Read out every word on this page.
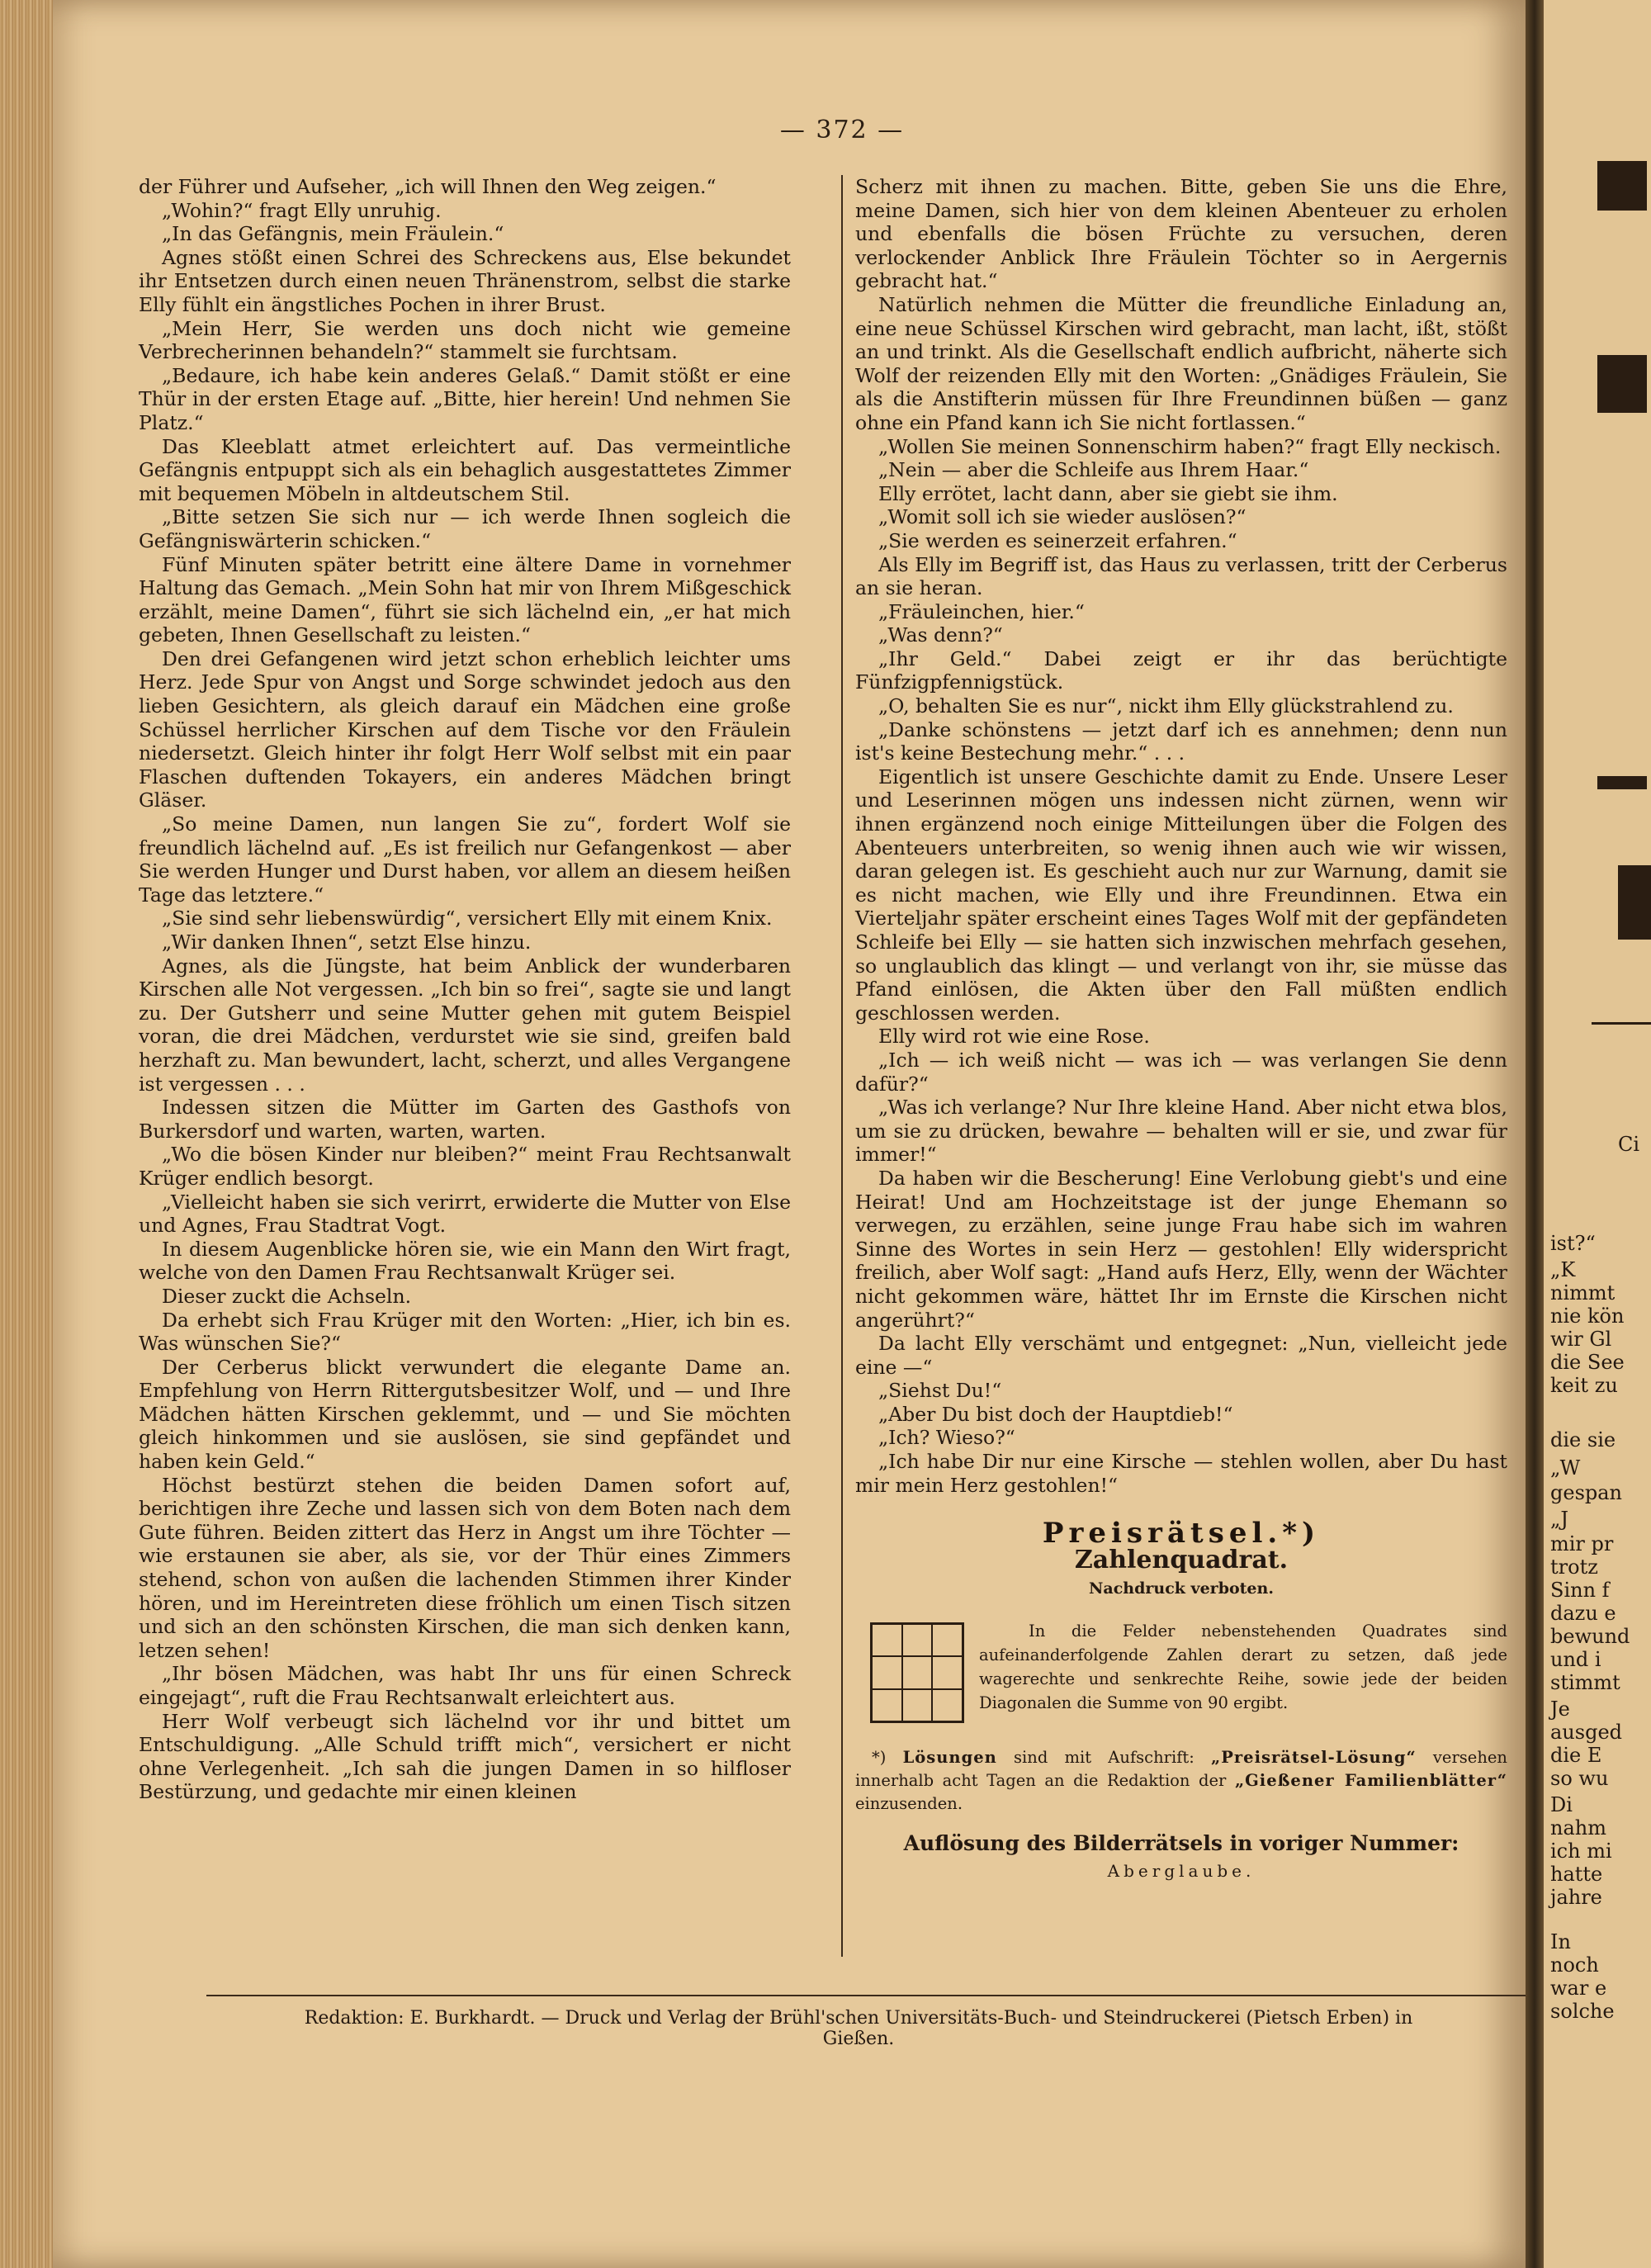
— 372 —

der Führer und Aufseher, „ich will Ihnen den Weg zeigen.“

„Wohin?“ fragt Elly unruhig.

„In das Gefängnis, mein Fräulein.“

Agnes stößt einen Schrei des Schreckens aus, Else bekundet ihr Entsetzen durch einen neuen Thränenstrom, selbst die starke Elly fühlt ein ängstliches Pochen in ihrer Brust.

„Mein Herr, Sie werden uns doch nicht wie gemeine Verbrecherinnen behandeln?“ stammelt sie furchtsam.

„Bedaure, ich habe kein anderes Gelaß.“ Damit stößt er eine Thür in der ersten Etage auf. „Bitte, hier herein! Und nehmen Sie Platz.“

Das Kleeblatt atmet erleichtert auf. Das vermeintliche Gefängnis entpuppt sich als ein behaglich ausgestattetes Zimmer mit bequemen Möbeln in altdeutschem Stil.

„Bitte setzen Sie sich nur — ich werde Ihnen sogleich die Gefängniswärterin schicken.“

Fünf Minuten später betritt eine ältere Dame in vornehmer Haltung das Gemach. „Mein Sohn hat mir von Ihrem Mißgeschick erzählt, meine Damen“, führt sie sich lächelnd ein, „er hat mich gebeten, Ihnen Gesellschaft zu leisten.“

Den drei Gefangenen wird jetzt schon erheblich leichter ums Herz. Jede Spur von Angst und Sorge schwindet jedoch aus den lieben Gesichtern, als gleich darauf ein Mädchen eine große Schüssel herrlicher Kirschen auf dem Tische vor den Fräulein niedersetzt. Gleich hinter ihr folgt Herr Wolf selbst mit ein paar Flaschen duftenden Tokayers, ein anderes Mädchen bringt Gläser.

„So meine Damen, nun langen Sie zu“, fordert Wolf sie freundlich lächelnd auf. „Es ist freilich nur Gefangenkost — aber Sie werden Hunger und Durst haben, vor allem an diesem heißen Tage das letztere.“

„Sie sind sehr liebenswürdig“, versichert Elly mit einem Knix.

„Wir danken Ihnen“, setzt Else hinzu.

Agnes, als die Jüngste, hat beim Anblick der wunderbaren Kirschen alle Not vergessen. „Ich bin so frei“, sagte sie und langt zu. Der Gutsherr und seine Mutter gehen mit gutem Beispiel voran, die drei Mädchen, verdurstet wie sie sind, greifen bald herzhaft zu. Man bewundert, lacht, scherzt, und alles Vergangene ist vergessen . . .

Indessen sitzen die Mütter im Garten des Gasthofs von Burkersdorf und warten, warten, warten.

„Wo die bösen Kinder nur bleiben?“ meint Frau Rechtsanwalt Krüger endlich besorgt.

„Vielleicht haben sie sich verirrt, erwiderte die Mutter von Else und Agnes, Frau Stadtrat Vogt.

In diesem Augenblicke hören sie, wie ein Mann den Wirt fragt, welche von den Damen Frau Rechtsanwalt Krüger sei.

Dieser zuckt die Achseln.

Da erhebt sich Frau Krüger mit den Worten: „Hier, ich bin es. Was wünschen Sie?“

Der Cerberus blickt verwundert die elegante Dame an. Empfehlung von Herrn Rittergutsbesitzer Wolf, und — und Ihre Mädchen hätten Kirschen geklemmt, und — und Sie möchten gleich hinkommen und sie auslösen, sie sind gepfändet und haben kein Geld.“

Höchst bestürzt stehen die beiden Damen sofort auf, berichtigen ihre Zeche und lassen sich von dem Boten nach dem Gute führen. Beiden zittert das Herz in Angst um ihre Töchter — wie erstaunen sie aber, als sie, vor der Thür eines Zimmers stehend, schon von außen die lachenden Stimmen ihrer Kinder hören, und im Hereintreten diese fröhlich um einen Tisch sitzen und sich an den schönsten Kirschen, die man sich denken kann, letzen sehen!

„Ihr bösen Mädchen, was habt Ihr uns für einen Schreck eingejagt“, ruft die Frau Rechtsanwalt erleichtert aus.

Herr Wolf verbeugt sich lächelnd vor ihr und bittet um Entschuldigung. „Alle Schuld trifft mich“, versichert er nicht ohne Verlegenheit. „Ich sah die jungen Damen in so hilfloser Bestürzung, und gedachte mir einen kleinen

Scherz mit ihnen zu machen. Bitte, geben Sie uns die Ehre, meine Damen, sich hier von dem kleinen Abenteuer zu erholen und ebenfalls die bösen Früchte zu versuchen, deren verlockender Anblick Ihre Fräulein Töchter so in Aergernis gebracht hat.“

Natürlich nehmen die Mütter die freundliche Einladung an, eine neue Schüssel Kirschen wird gebracht, man lacht, ißt, stößt an und trinkt. Als die Gesellschaft endlich aufbricht, näherte sich Wolf der reizenden Elly mit den Worten: „Gnädiges Fräulein, Sie als die Anstifterin müssen für Ihre Freundinnen büßen — ganz ohne ein Pfand kann ich Sie nicht fortlassen.“

„Wollen Sie meinen Sonnenschirm haben?“ fragt Elly neckisch.

„Nein — aber die Schleife aus Ihrem Haar.“

Elly errötet, lacht dann, aber sie giebt sie ihm.

„Womit soll ich sie wieder auslösen?“

„Sie werden es seinerzeit erfahren.“

Als Elly im Begriff ist, das Haus zu verlassen, tritt der Cerberus an sie heran.

„Fräuleinchen, hier.“

„Was denn?“

„Ihr Geld.“ Dabei zeigt er ihr das berüchtigte Fünfzigpfennigstück.

„O, behalten Sie es nur“, nickt ihm Elly glückstrahlend zu.

„Danke schönstens — jetzt darf ich es annehmen; denn nun ist's keine Bestechung mehr.“ . . .

Eigentlich ist unsere Geschichte damit zu Ende. Unsere Leser und Leserinnen mögen uns indessen nicht zürnen, wenn wir ihnen ergänzend noch einige Mitteilungen über die Folgen des Abenteuers unterbreiten, so wenig ihnen auch wie wir wissen, daran gelegen ist. Es geschieht auch nur zur Warnung, damit sie es nicht machen, wie Elly und ihre Freundinnen. Etwa ein Vierteljahr später erscheint eines Tages Wolf mit der gepfändeten Schleife bei Elly — sie hatten sich inzwischen mehrfach gesehen, so unglaublich das klingt — und verlangt von ihr, sie müsse das Pfand einlösen, die Akten über den Fall müßten endlich geschlossen werden.

Elly wird rot wie eine Rose.

„Ich — ich weiß nicht — was ich — was verlangen Sie denn dafür?“

„Was ich verlange? Nur Ihre kleine Hand. Aber nicht etwa blos, um sie zu drücken, bewahre — behalten will er sie, und zwar für immer!“

Da haben wir die Bescherung! Eine Verlobung giebt's und eine Heirat! Und am Hochzeitstage ist der junge Ehemann so verwegen, zu erzählen, seine junge Frau habe sich im wahren Sinne des Wortes in sein Herz — gestohlen! Elly widerspricht freilich, aber Wolf sagt: „Hand aufs Herz, Elly, wenn der Wächter nicht gekommen wäre, hättet Ihr im Ernste die Kirschen nicht angerührt?“

Da lacht Elly verschämt und entgegnet: „Nun, vielleicht jede eine —“

„Siehst Du!“

„Aber Du bist doch der Hauptdieb!“

„Ich? Wieso?“

„Ich habe Dir nur eine Kirsche — stehlen wollen, aber Du hast mir mein Herz gestohlen!“

Preisrätsel.*)
Zahlenquadrat.
Nachdruck verboten.
In die Felder nebenstehenden Quadrates sind aufeinanderfolgende Zahlen derart zu setzen, daß jede wagerechte und senkrechte Reihe, sowie jede der beiden Diagonalen die Summe von 90 ergibt.
*) Lösungen sind mit Aufschrift: „Preisrätsel-Lösung“ versehen innerhalb acht Tagen an die Redaktion der „Gießener Familienblätter“ einzusenden.
Auflösung des Bilderrätsels in voriger Nummer:
Aberglaube.
Redaktion: E. Burkhardt. — Druck und Verlag der Brühl'schen Universitäts-Buch- und Steindruckerei (Pietsch Erben) in Gießen.
Ci
ist?“
„K
nimmt
nie kön
wir Gl
die See
keit zu
die sie
„W
gespan
„J
mir pr
trotz
Sinn f
dazu e
bewund
und i
stimmt
Je
ausged
die E
so wu
Di
nahm
ich mi
hatte
jahre
In
noch
war e
solche
